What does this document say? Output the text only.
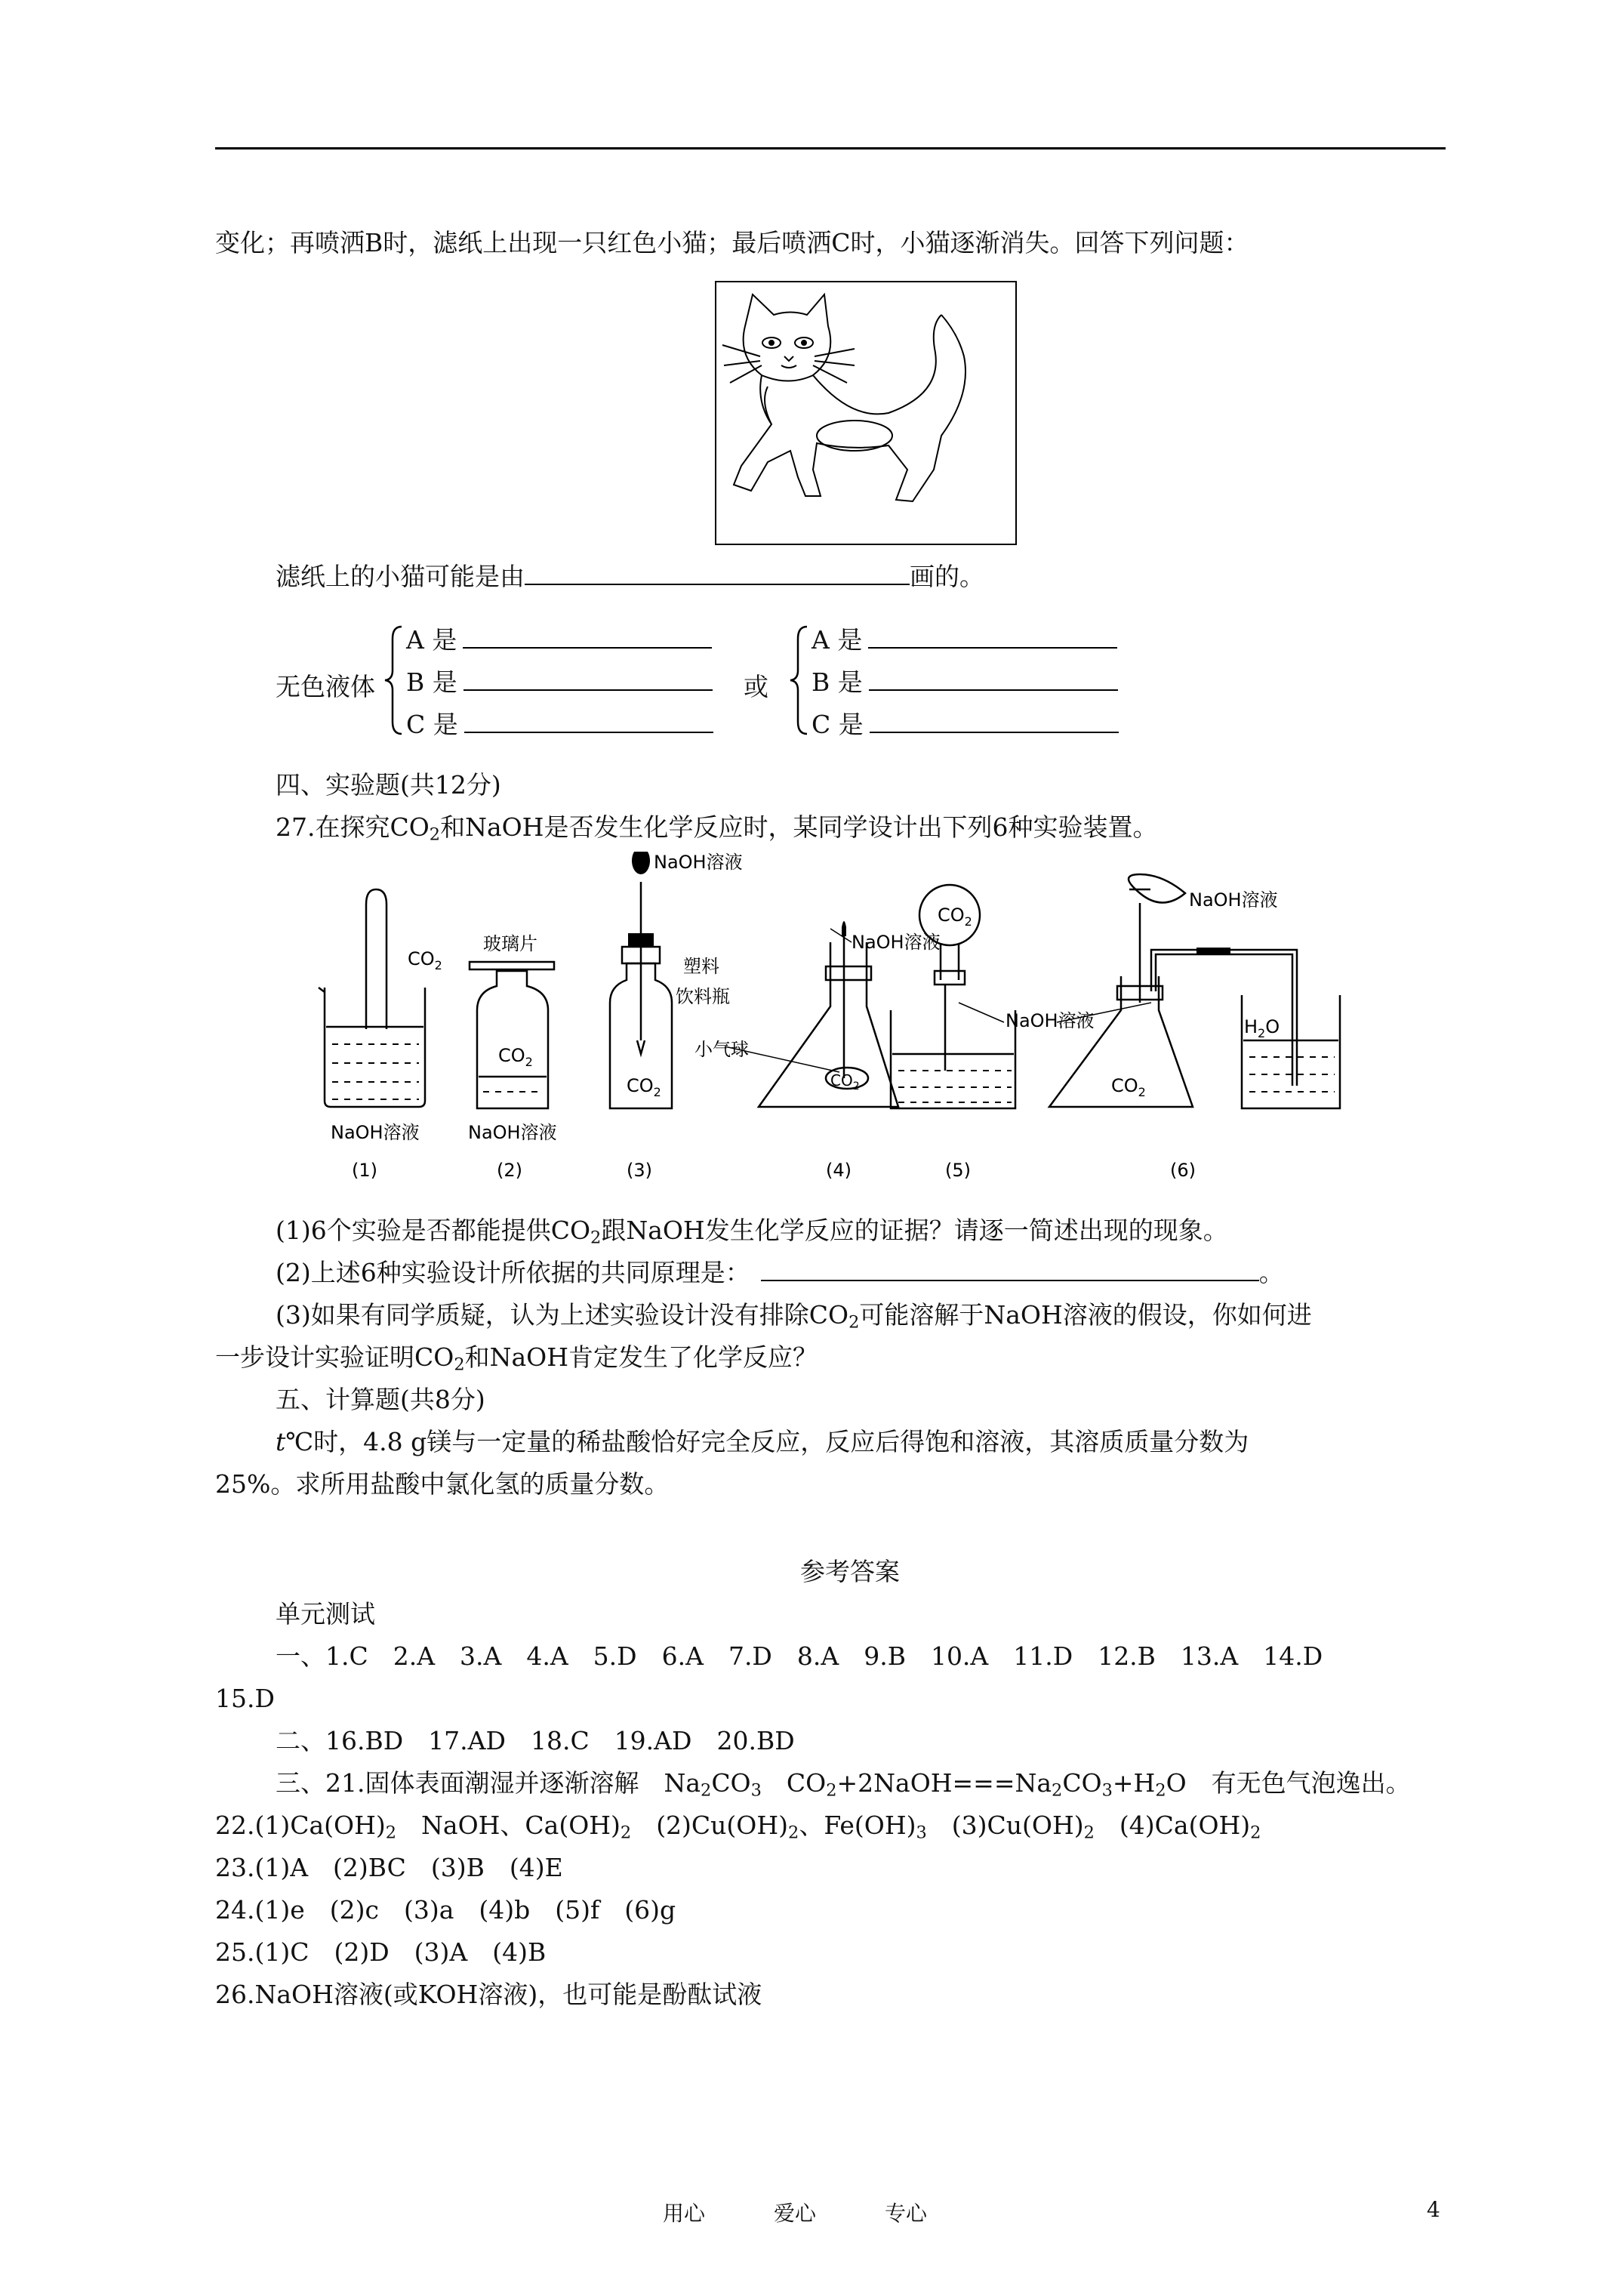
变化；再喷洒B时，滤纸上出现一只红色小猫；最后喷洒C时，小猫逐渐消失。回答下列问题：
滤纸上的小猫可能是由	画的。
无色液体
A 是
B 是
C 是
或
A 是
B 是
C 是
四、实验题(共12分)
27.在探究$CO_2$和NaOH是否发生化学反应时，某同学设计出下列6种实验装置。
$CO_2$
$CO_2$
$CO_2$
$CO_2$
$CO_2$
$CO_2$
$H_2O$
玻璃片
塑料
饮料瓶
小气球
NaOH溶液
NaOH溶液
NaOH溶液
NaOH溶液
NaOH溶液	NaOH溶液
(1)	(2)	(3)	(4)	(5)	(6)
(1)6个实验是否都能提供$CO_2$跟NaOH发生化学反应的证据？请逐一简述出现的现象。
(2)上述6种实验设计所依据的共同原理是：	。
(3)如果有同学质疑，认为上述实验设计没有排除$CO_2$可能溶解于NaOH溶液的假设，你如何进
一步设计实验证明$CO_2$和NaOH肯定发生了化学反应？
五、计算题(共8分)
t℃时，4.8 g镁与一定量的稀盐酸恰好完全反应，反应后得饱和溶液，其溶质质量分数为
25%。求所用盐酸中氯化氢的质量分数。
参考答案
单元测试
一、1.C　2.A　3.A　4.A　5.D　6.A　7.D　8.A　9.B　10.A　11.D　12.B　13.A　14.D
15.D
二、16.BD　17.AD　18.C　19.AD　20.BD
三、21.固体表面潮湿并逐渐溶解　$Na_2CO_3$　$CO_2+2NaOH===Na_2CO_3+H_2O$　有无色气泡逸出。
$22.(1)Ca(OH)_2$　NaOH、$Ca(OH)_2$　$(2)Cu(OH)_2$、$Fe(OH)_3$　$(3)Cu(OH)_2$　$(4)Ca(OH)_2$
23.(1)A　(2)BC　(3)B　(4)E
24.(1)e　(2)c　(3)a　(4)b　(5)f　(6)g
25.(1)C　(2)D　(3)A　(4)B
26.NaOH溶液(或KOH溶液)，也可能是酚酞试液
用心	爱心	专心	4
